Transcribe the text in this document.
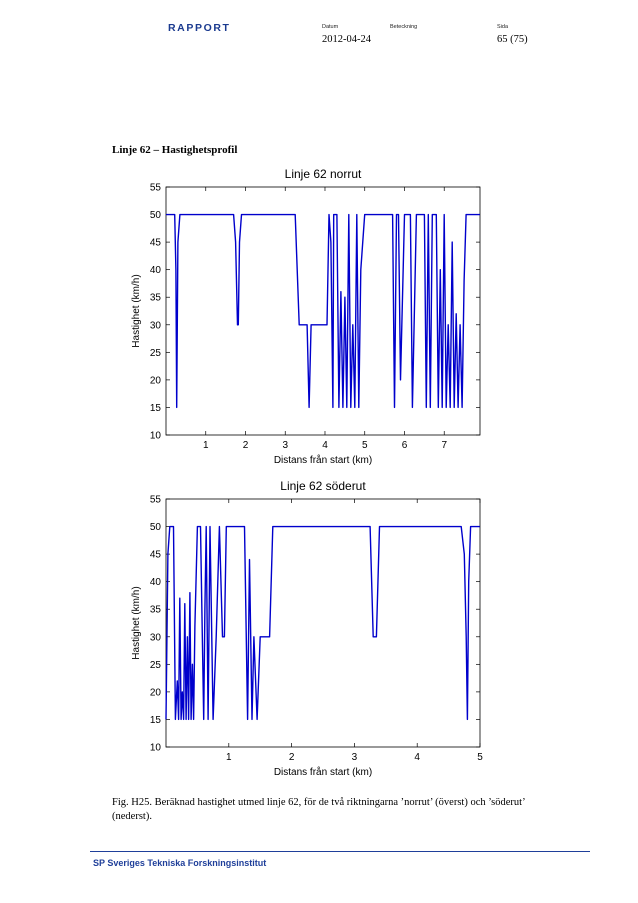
RAPPORT	Datum	Beteckning	Sida
2012-04-24	65 (75)
Linje 62 – Hastighetsprofil
10
15
20
25
30
35
40
45
50
55
1	2	3	4	5	6	7
Linje 62 norrut
Distans från start (km)
Hastighet (km/h)
10
15
20
25
30
35
40
45
50
55
1	2	3	4	5
Linje 62 söderut
Distans från start (km)
Hastighet (km/h)
Fig. H25. Beräknad hastighet utmed linje 62, för de två riktningarna ’norrut’ (överst) och ’söderut’ (nederst).
SP Sveriges Tekniska Forskningsinstitut
